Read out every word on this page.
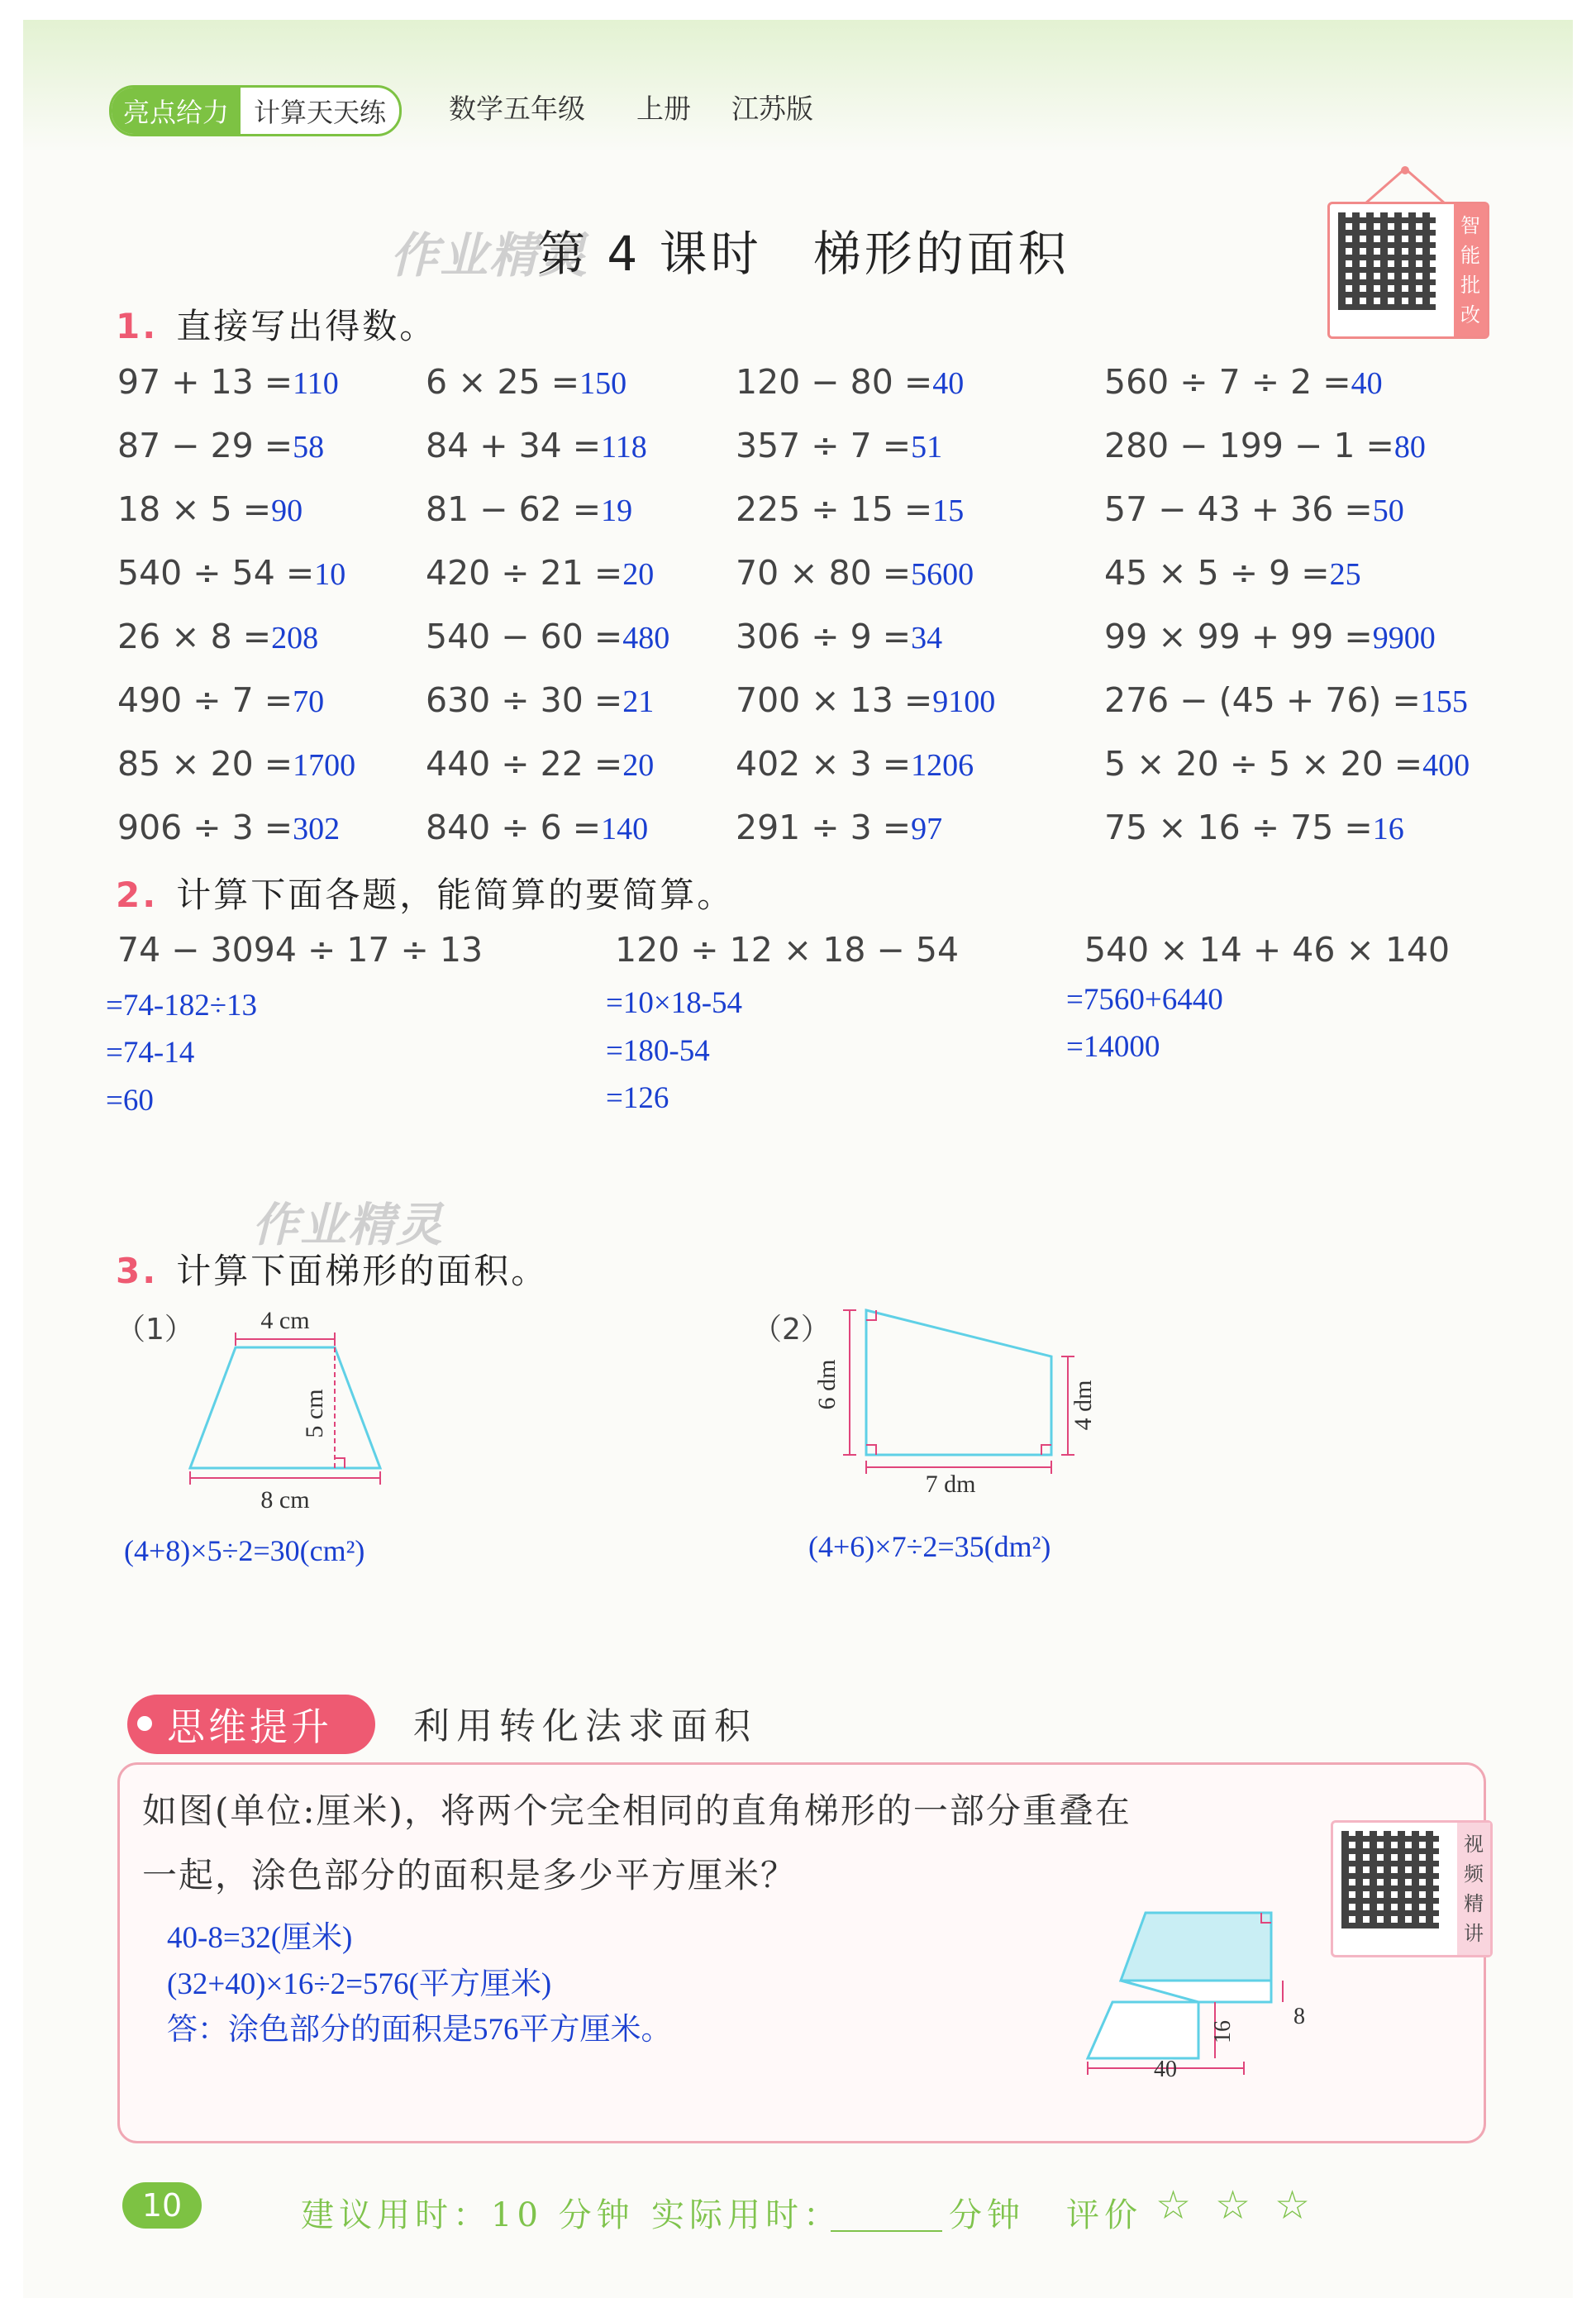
亮点给力 计算天天练	数学五年级 上册 江苏版
作业精灵
第 4 课时　梯形的面积	智
能
批
改
1. 直接写出得数。
97 + 13 =110	6 × 25 =150	120 − 80 =40	560 ÷ 7 ÷ 2 =40
87 − 29 =58	84 + 34 =118	357 ÷ 7 =51	280 − 199 − 1 =80
18 × 5 =90	81 − 62 =19	225 ÷ 15 =15	57 − 43 + 36 =50
540 ÷ 54 =10 420 ÷ 21 =20 70 × 80 =5600	45 × 5 ÷ 9 =25
26 × 8 =208	540 − 60 =480 306 ÷ 9 =34	99 × 99 + 99 =9900
490 ÷ 7 =70	630 ÷ 30 =21 700 × 13 =9100	276 − (45 + 76) =155
85 × 20 =1700 440 ÷ 22 =20 402 × 3 =1206	5 × 20 ÷ 5 × 20 =400
906 ÷ 3 =302	840 ÷ 6 =140	291 ÷ 3 =97	75 × 16 ÷ 75 =16
2. 计算下面各题，能简算的要简算。
74 − 3094 ÷ 17 ÷ 13
=74-182÷13
=74-14
=60
120 ÷ 12 × 18 − 54
=10×18-54
=180-54
=126
540 × 14 + 46 × 140
=7560+6440
=14000
作业精灵
3. 计算下面梯形的面积。
（1）	4 cm
5 cm
8 cm
(4+8)×5÷2=30(cm²)
（2）
6 dm	4 dm
7 dm
(4+6)×7÷2=35(dm²)
思维提升	利用转化法求面积
如图(单位:厘米)，将两个完全相同的直角梯形的一部分重叠在
一起，涂色部分的面积是多少平方厘米？
40-8=32(厘米)
(32+40)×16÷2=576(平方厘米)
答：涂色部分的面积是576平方厘米。	16
8
40
视
频
精
讲
10	建议用时：10 分钟 实际用时：	分钟 评价 ☆ ☆ ☆
